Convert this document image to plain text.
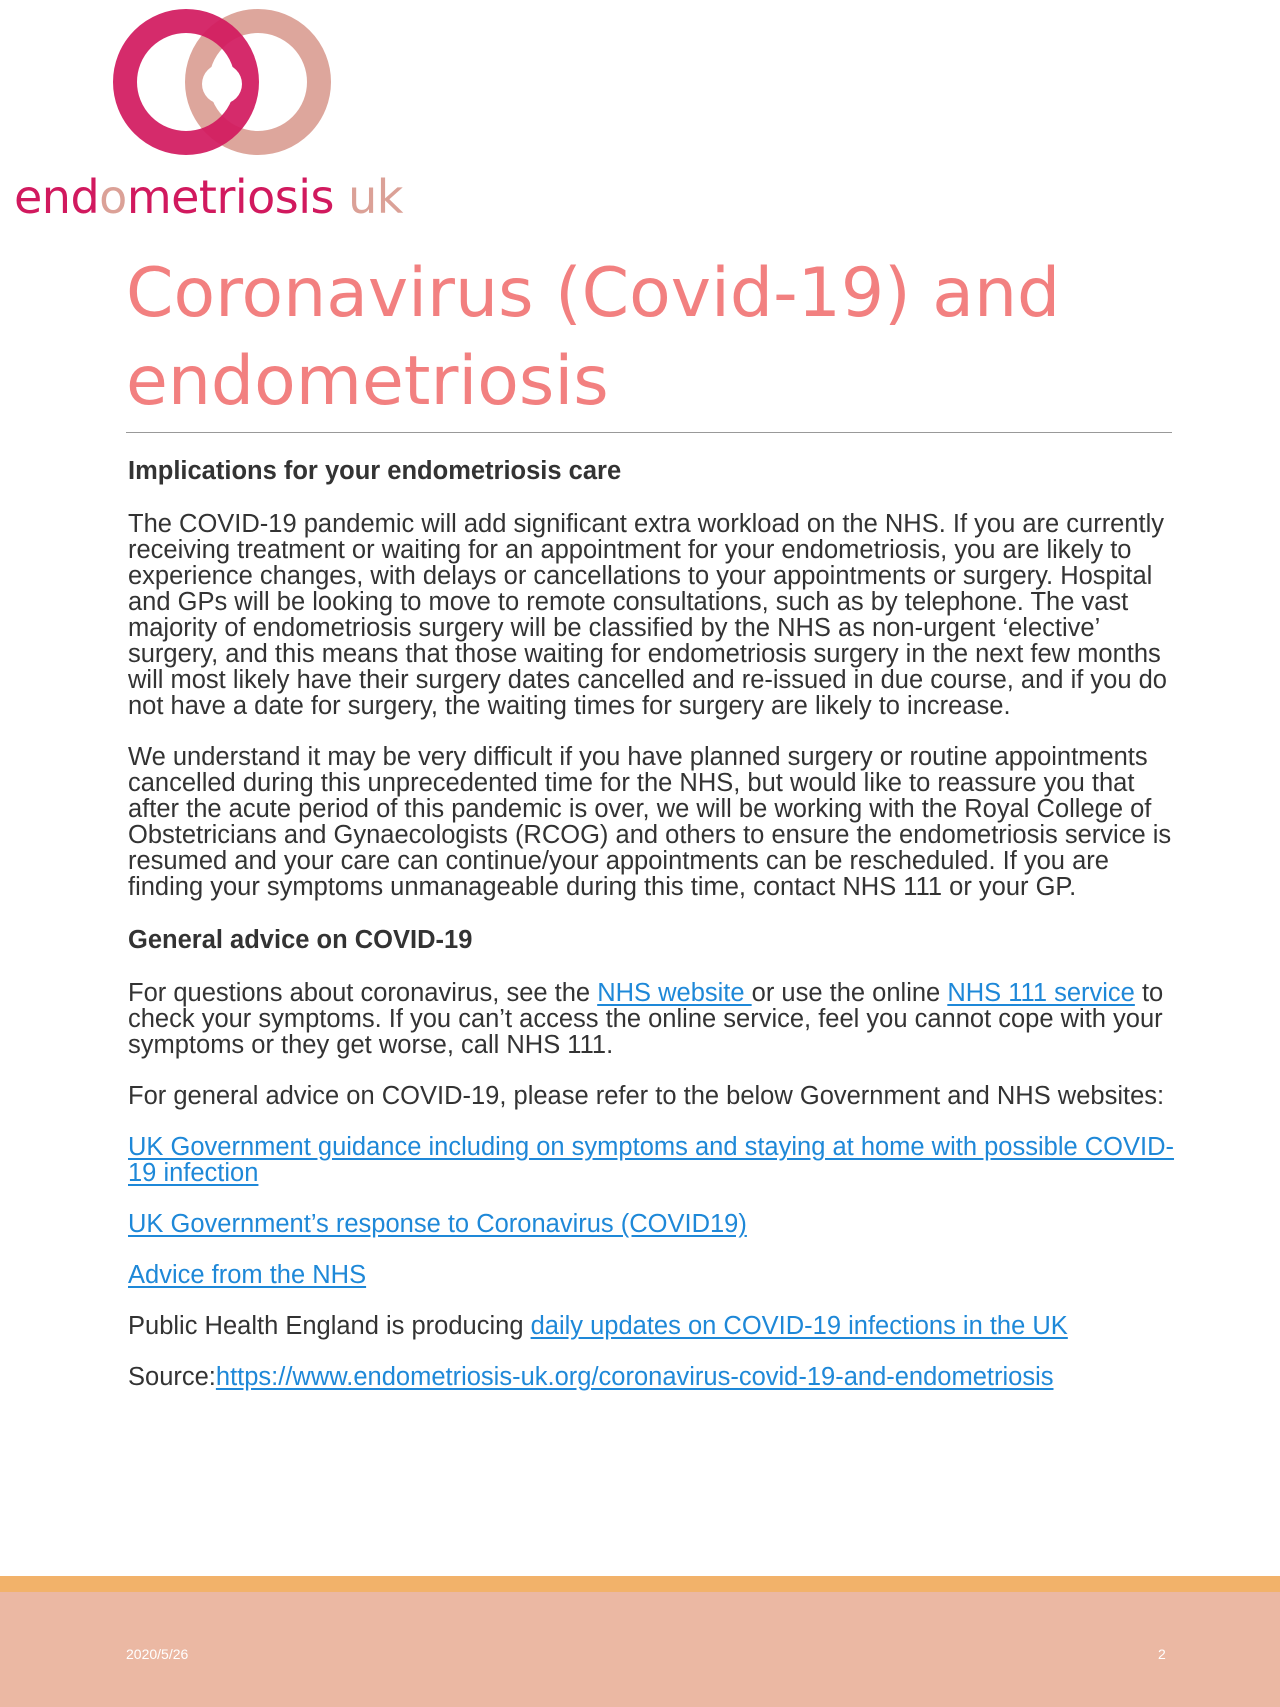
endometriosis uk
Coronavirus (Covid-19) and endometriosis
Implications for your endometriosis care

The COVID-19 pandemic will add significant extra workload on the NHS. If you are currently receiving treatment or waiting for an appointment for your endometriosis, you are likely to experience changes, with delays or cancellations to your appointments or surgery. Hospital and GPs will be looking to move to remote consultations, such as by telephone. The vast majority of endometriosis surgery will be classified by the NHS as non-urgent ‘elective’ surgery, and this means that those waiting for endometriosis surgery in the next few months will most likely have their surgery dates cancelled and re-issued in due course, and if you do not have a date for surgery, the waiting times for surgery are likely to increase.

We understand it may be very difficult if you have planned surgery or routine appointments cancelled during this unprecedented time for the NHS, but would like to reassure you that after the acute period of this pandemic is over, we will be working with the Royal College of Obstetricians and Gynaecologists (RCOG) and others to ensure the endometriosis service is resumed and your care can continue/your appointments can be rescheduled. If you are finding your symptoms unmanageable during this time, contact NHS 111 or your GP.

General advice on COVID-19

For questions about coronavirus, see the NHS website or use the online NHS 111 service to check your symptoms. If you can’t access the online service, feel you cannot cope with your symptoms or they get worse, call NHS 111.

For general advice on COVID-19, please refer to the below Government and NHS websites:

UK Government guidance including on symptoms and staying at home with possible COVID-19 infection

UK Government’s response to Coronavirus (COVID19)

Advice from the NHS

Public Health England is producing daily updates on COVID-19 infections in the UK

Source:https://www.endometriosis-uk.org/coronavirus-covid-19-and-endometriosis

2020/5/26	2
